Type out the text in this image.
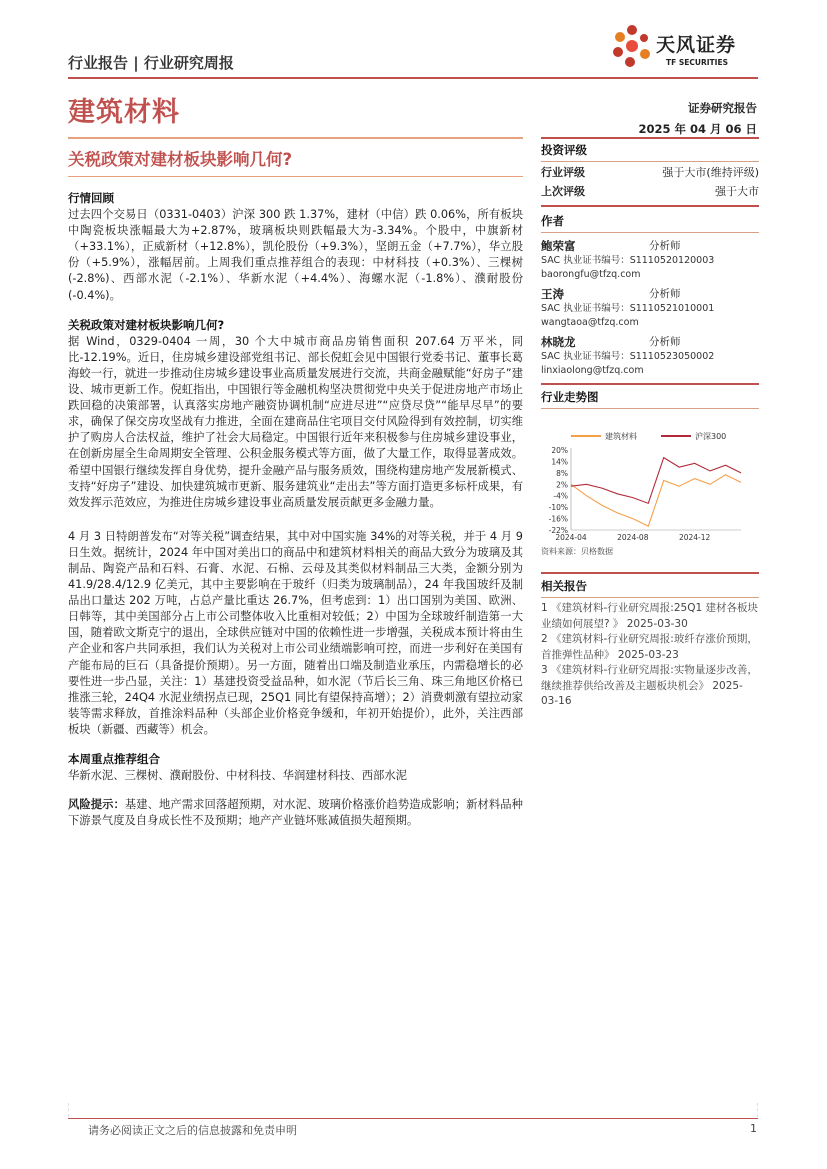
行业报告 | 行业研究周报
建筑材料
天风证券
TF SECURITIES
证券研究报告
2025 年 04 月 06 日
关税政策对建材板块影响几何?
行情回顾

过去四个交易日（0331-0403）沪深 300 跌 1.37%，建材（中信）跌 0.06%，所有板块中陶瓷板块涨幅最大为+2.87%，玻璃板块则跌幅最大为-3.34%。个股中，中旗新材（+33.1%），正威新材（+12.8%），凯伦股份（+9.3%），坚朗五金（+7.7%），华立股份（+5.9%），涨幅居前。上周我们重点推荐组合的表现：中材科技（+0.3%）、三棵树(-2.8%)、西部水泥（-2.1%）、华新水泥（+4.4%）、海螺水泥（-1.8%）、濮耐股份(-0.4%)。

关税政策对建材板块影响几何?

据 Wind，0329-0404 一周，30 个大中城市商品房销售面积 207.64 万平米，同比-12.19%。近日，住房城乡建设部党组书记、部长倪虹会见中国银行党委书记、董事长葛海蛟一行，就进一步推动住房城乡建设事业高质量发展进行交流，共商金融赋能“好房子”建设、城市更新工作。倪虹指出，中国银行等金融机构坚决贯彻党中央关于促进房地产市场止跌回稳的决策部署，认真落实房地产融资协调机制“应进尽进”“应贷尽贷”“能早尽早”的要求，确保了保交房攻坚战有力推进，全面在建商品住宅项目交付风险得到有效控制，切实维护了购房人合法权益，维护了社会大局稳定。中国银行近年来积极参与住房城乡建设事业，在创新房屋全生命周期安全管理、公积金服务模式等方面，做了大量工作，取得显著成效。希望中国银行继续发挥自身优势，提升金融产品与服务质效，围绕构建房地产发展新模式、支持“好房子”建设、加快建筑城市更新、服务建筑业“走出去”等方面打造更多标杆成果，有效发挥示范效应，为推进住房城乡建设事业高质量发展贡献更多金融力量。

4 月 3 日特朗普发布“对等关税”调查结果，其中对中国实施 34%的对等关税，并于 4 月 9 日生效。据统计，2024 年中国对美出口的商品中和建筑材料相关的商品大致分为玻璃及其制品、陶瓷产品和石料、石膏、水泥、石棉、云母及其类似材料制品三大类，金额分别为 41.9/28.4/12.9 亿美元，其中主要影响在于玻纤（归类为玻璃制品），24 年我国玻纤及制品出口量达 202 万吨，占总产量比重达 26.7%，但考虑到：1）出口国别为美国、欧洲、日韩等，其中美国部分占上市公司整体收入比重相对较低；2）中国为全球玻纤制造第一大国，随着欧文斯克宁的退出，全球供应链对中国的依赖性进一步增强，关税成本预计将由生产企业和客户共同承担，我们认为关税对上市公司业绩端影响可控，而进一步利好在美国有产能布局的巨石（具备提价预期）。另一方面，随着出口端及制造业承压，内需稳增长的必要性进一步凸显，关注：1）基建投资受益品种，如水泥（节后长三角、珠三角地区价格已推涨三轮，24Q4 水泥业绩拐点已现，25Q1 同比有望保持高增）；2）消费刺激有望拉动家装等需求释放，首推涂料品种（头部企业价格竞争缓和，年初开始提价），此外，关注西部板块（新疆、西藏等）机会。

本周重点推荐组合

华新水泥、三棵树、濮耐股份、中材科技、华润建材科技、西部水泥

风险提示：基建、地产需求回落超预期，对水泥、玻璃价格涨价趋势造成影响；新材料品种下游景气度及自身成长性不及预期；地产产业链坏账减值损失超预期。

投资评级
行业评级	强于大市(维持评级)
上次评级	强于大市
作者
鲍荣富	分析师
SAC 执业证书编号：S1110520120003
baorongfu@tfzq.com
王涛	分析师
SAC 执业证书编号：S1110521010001
wangtaoa@tfzq.com
林晓龙	分析师
SAC 执业证书编号：S1110523050002
linxiaolong@tfzq.com
行业走势图
建筑材料	沪深300
20%
14%
8%
2%
-4%
-10%
-16%
-22%
2024-04	2024-08	2024-12
资料来源：贝格数据
相关报告
1 《建筑材料-行业研究周报:25Q1 建材各板块业绩如何展望? 》 2025-03-30
2 《建筑材料-行业研究周报:玻纤存涨价预期，首推弹性品种》 2025-03-23
3 《建筑材料-行业研究周报:实物量逐步改善，继续推荐供给改善及主题板块机会》 2025-03-16
请务必阅读正文之后的信息披露和免责申明	1
